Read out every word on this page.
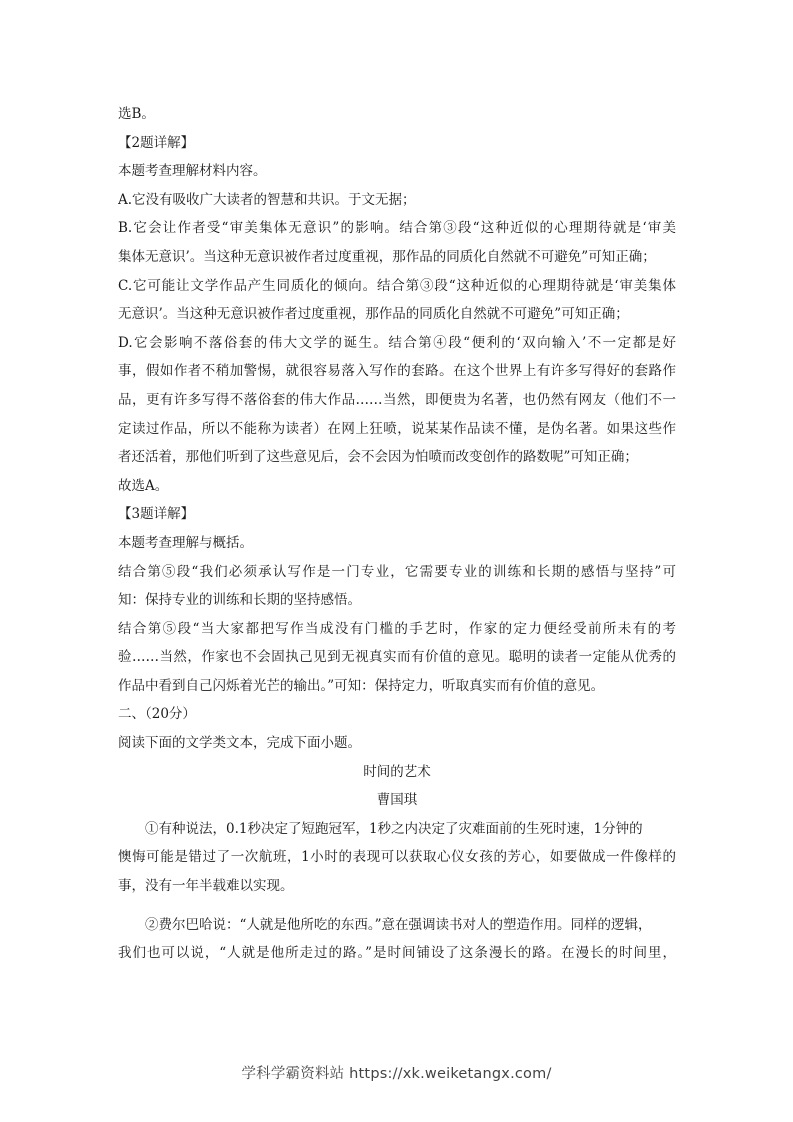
选B。
【2题详解】
本题考查理解材料内容。
A.它没有吸收广大读者的智慧和共识。于文无据；
B.它会让作者受“审美集体无意识”的影响。结合第③段“这种近似的心理期待就是‘审美
集体无意识’。当这种无意识被作者过度重视，那作品的同质化自然就不可避免”可知正确；
C.它可能让文学作品产生同质化的倾向。结合第③段“这种近似的心理期待就是‘审美集体
无意识’。当这种无意识被作者过度重视，那作品的同质化自然就不可避免”可知正确；
D.它会影响不落俗套的伟大文学的诞生。结合第④段“便利的‘双向输入’不一定都是好
事，假如作者不稍加警惕，就很容易落入写作的套路。在这个世界上有许多写得好的套路作
品，更有许多写得不落俗套的伟大作品……当然，即便贵为名著，也仍然有网友（他们不一
定读过作品，所以不能称为读者）在网上狂喷，说某某作品读不懂，是伪名著。如果这些作
者还活着，那他们听到了这些意见后，会不会因为怕喷而改变创作的路数呢”可知正确；
故选A。
【3题详解】
本题考查理解与概括。
结合第⑤段“我们必须承认写作是一门专业，它需要专业的训练和长期的感悟与坚持”可
知：保持专业的训练和长期的坚持感悟。
结合第⑤段“当大家都把写作当成没有门槛的手艺时，作家的定力便经受前所未有的考
验……当然，作家也不会固执己见到无视真实而有价值的意见。聪明的读者一定能从优秀的
作品中看到自己闪烁着光芒的输出。”可知：保持定力，听取真实而有价值的意见。
二、（20分）
阅读下面的文学类文本，完成下面小题。
时间的艺术
曹国琪
①有种说法，0.1秒决定了短跑冠军，1秒之内决定了灾难面前的生死时速，1分钟的
懊悔可能是错过了一次航班，1小时的表现可以获取心仪女孩的芳心，如要做成一件像样的
事，没有一年半载难以实现。
②费尔巴哈说：“人就是他所吃的东西。”意在强调读书对人的塑造作用。同样的逻辑，
我们也可以说，“人就是他所走过的路。”是时间铺设了这条漫长的路。在漫长的时间里，
学科学霸资料站 https://xk.weiketangx.com/
